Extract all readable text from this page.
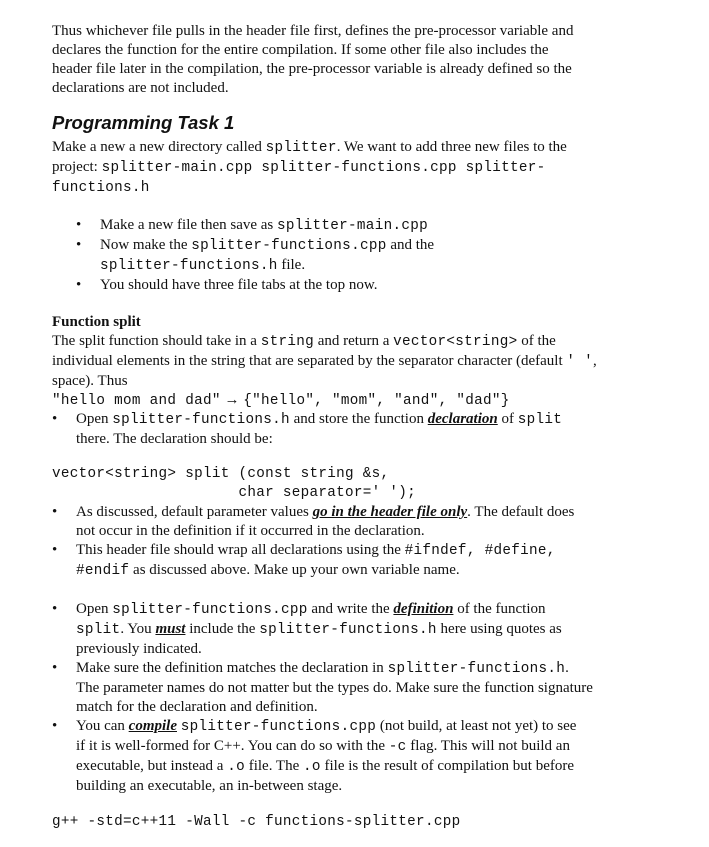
Thus whichever file pulls in the header file first, defines the pre-processor variable and

declares the function for the entire compilation. If some other file also includes the

header file later in the compilation, the pre-processor variable is already defined so the

declarations are not included.

Programming Task 1

Make a new a new directory called splitter. We want to add three new files to the

project: splitter-main.cpp splitter-functions.cpp splitter-

functions.h

• Make a new file then save as splitter-main.cpp
• Now make the splitter-functions.cpp and the
splitter-functions.h file.
• You should have three file tabs at the top now.

Function split

The split function should take in a string and return a vector<string> of the

individual elements in the string that are separated by the separator character (default ' ',

space). Thus

"hello mom and dad" → {"hello", "mom", "and", "dad"}

• Open splitter-functions.h and store the function declaration of split
there. The declaration should be:
vector<string> split (const string &s,
char separator=' ');
• As discussed, default parameter values go in the header file only. The default does
not occur in the definition if it occurred in the declaration.
• This header file should wrap all declarations using the #ifndef, #define,
#endif as discussed above. Make up your own variable name.
• Open splitter-functions.cpp and write the definition of the function
split. You must include the splitter-functions.h here using quotes as
previously indicated.
• Make sure the definition matches the declaration in splitter-functions.h.
The parameter names do not matter but the types do. Make sure the function signature
match for the declaration and definition.
• You can compile splitter-functions.cpp (not build, at least not yet) to see
if it is well-formed for C++. You can do so with the -c flag. This will not build an
executable, but instead a .o file. The .o file is the result of compilation but before
building an executable, an in-between stage.
g++ -std=c++11 -Wall -c functions-splitter.cpp
